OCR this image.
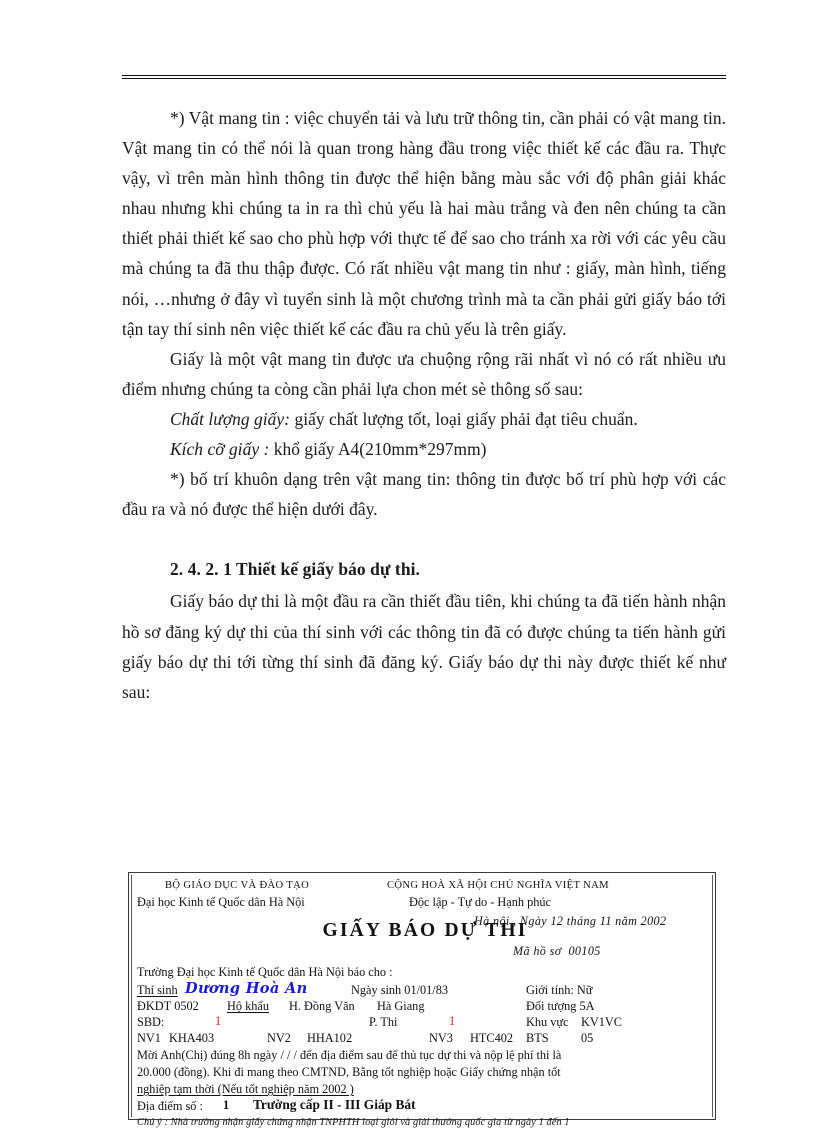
*) Vật mang tin : việc chuyển tải và lưu trữ thông tin, cần phải có vật mang tin. Vật mang tin có thể nói là quan trong hàng đầu trong việc thiết kế các đầu ra. Thực vậy, vì trên màn hình thông tin được thể hiện bằng màu sắc với độ phân giải khác nhau nhưng khi chúng ta in ra thì chủ yếu là hai màu trắng và đen nên chúng ta cần thiết phải thiết kế sao cho phù hợp với thực tế để sao cho tránh xa rời với các yêu cầu mà chúng ta đã thu thập được. Có rất nhiều vật mang tin như : giấy, màn hình, tiếng nói, …nhưng ở đây vì tuyển sinh là một chương trình mà ta cần phải gửi giấy báo tới tận tay thí sinh nên việc thiết kế các đầu ra chủ yếu là trên giấy.

Giấy là một vật mang tin được ưa chuộng rộng rãi nhất vì nó có rất nhiều ưu điểm nhưng chúng ta còng cần phải lựa chon mét sè thông số sau:

Chất lượng giấy: giấy chất lượng tốt, loại giấy phải đạt tiêu chuẩn.

Kích cỡ giấy : khổ giấy A4(210mm*297mm)

*) bố trí khuôn dạng trên vật mang tin: thông tin được bố trí phù hợp với các đầu ra và nó được thể hiện dưới đây.

2. 4. 2. 1 Thiết kế giấy báo dự thi.

Giấy báo dự thi là một đầu ra cần thiết đầu tiên, khi chúng ta đã tiến hành nhận hồ sơ đăng ký dự thi của thí sinh với các thông tin đã có được chúng ta tiến hành gửi giấy báo dự thi tới từng thí sinh đã đăng ký. Giấy báo dự thi này được thiết kế như sau:

BỘ GIÁO DỤC VÀ ĐÀO TẠO	CỘNG HOÀ XÃ HỘI CHỦ NGHĨA VIỆT NAM
Đại học Kinh tế Quốc dân Hà Nội	Độc lập - Tự do - Hạnh phúc
Hà nội , Ngày 12 tháng 11 năm 2002
GIẤY BÁO DỰ THI
Mã hồ sơ 00105
Trường Đại học Kinh tế Quốc dân Hà Nội báo cho :
Thí sinh Dương Hoà An	Ngày sinh 01/01/83	Giới tính: Nữ
ĐKDT 0502 Hộ khẩu H. Đồng Văn Hà Giang	Đối tượng 5A
SBD:	1	P. Thi	1	Khu vực KV1VC
NV1 KHA403	NV2 HHA102	NV3 HTC402 BTS	05
Mời Anh(Chị) đúng 8h ngày / / / đến địa điểm sau để thủ tục dự thi và nộp lệ phí thi là
20.000 (đồng). Khi đi mang theo CMTND, Bằng tốt nghiệp hoặc Giấy chứng nhận tốt
nghiệp tạm thời (Nếu tốt nghiệp năm 2002 )
Địa điểm số : 1 Trường cấp II - III Giáp Bát
Chú ý : Nhà trường nhận giấy chứng nhận TNPHTH loại giỏi và giải thưởng quốc gia từ ngày 1 đến 1
